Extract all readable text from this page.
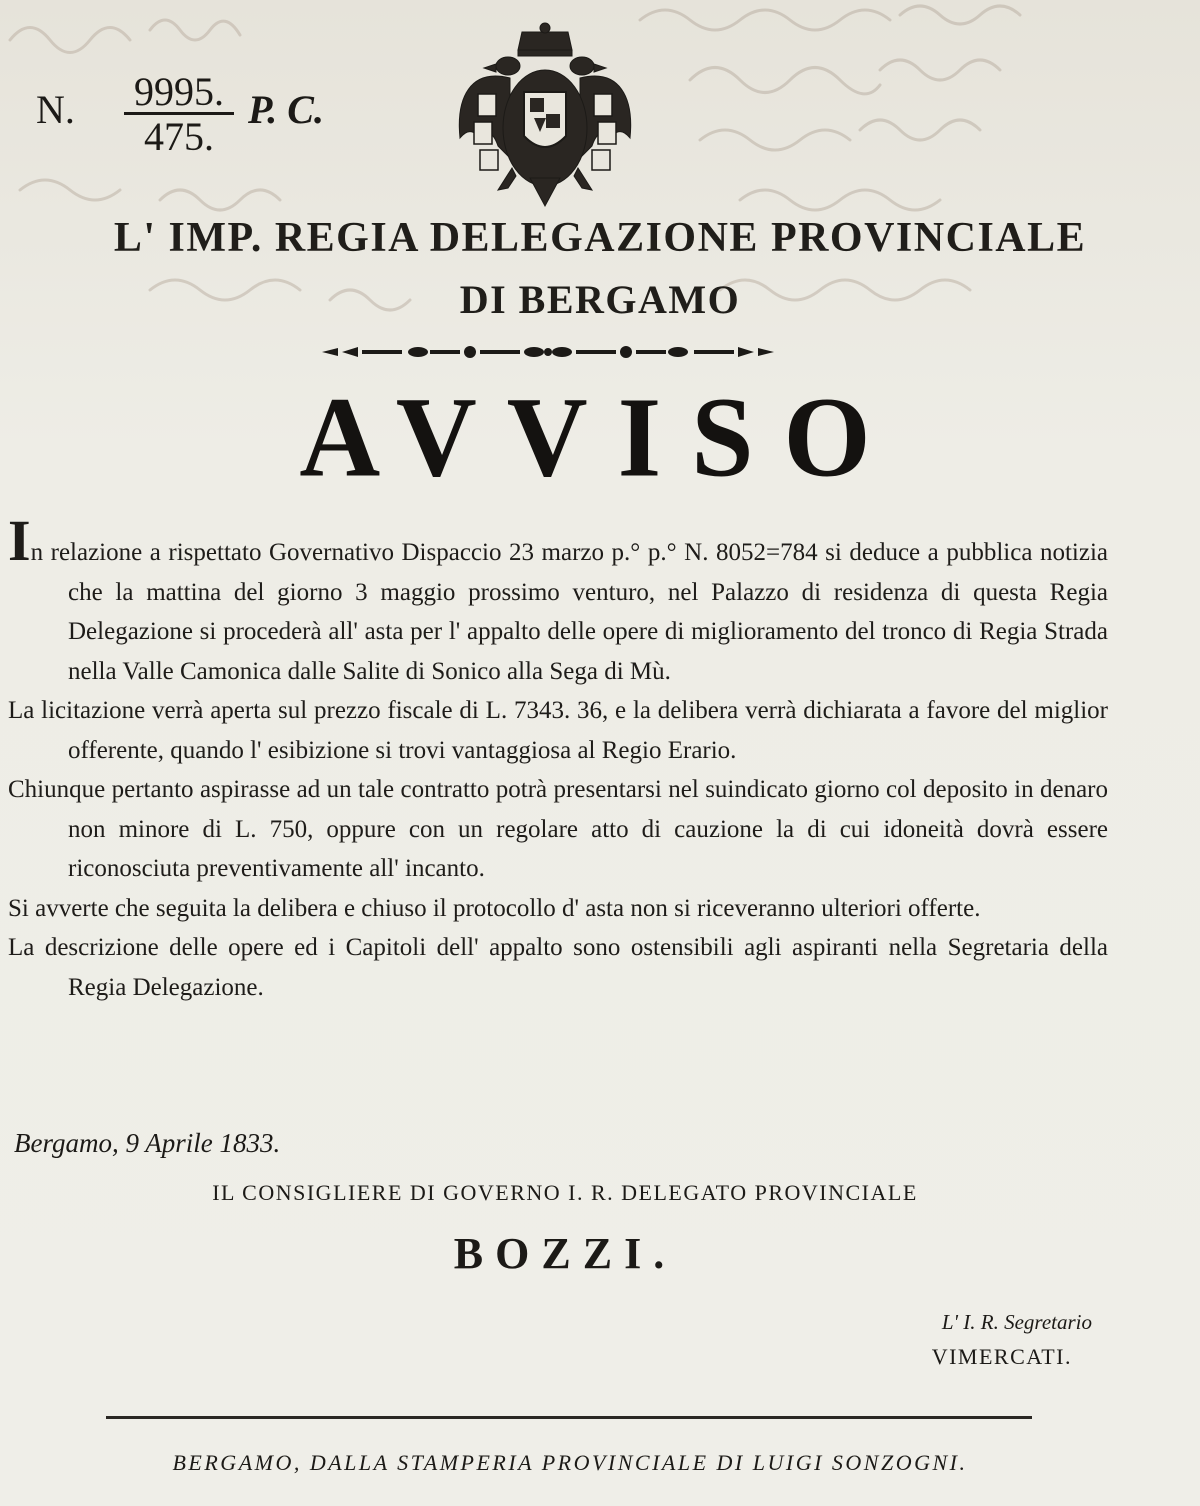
N. $\frac{9995.}{475.} P$. C.
L' IMP. REGIA DELEGAZIONE PROVINCIALE
DI BERGAMO
AVVISO

In relazione a rispettato Governativo Dispaccio 23 marzo p.° p.° N. 8052=784 si deduce a pubblica notizia che la mattina del giorno 3 maggio prossimo venturo, nel Palazzo di residenza di questa Regia Delegazione si procederà all' asta per l' appalto delle opere di miglioramento del tronco di Regia Strada nella Valle Camonica dalle Salite di Sonico alla Sega di Mù.

La licitazione verrà aperta sul prezzo fiscale di L. 7343. 36, e la delibera verrà dichiarata a favore del miglior offerente, quando l' esibizione si trovi vantaggiosa al Regio Erario.

Chiunque pertanto aspirasse ad un tale contratto potrà presentarsi nel suindicato giorno col deposito in denaro non minore di L. 750, oppure con un regolare atto di cauzione la di cui idoneità dovrà essere riconosciuta preventivamente all' incanto.

Si avverte che seguita la delibera e chiuso il protocollo d' asta non si riceveranno ulteriori offerte.

La descrizione delle opere ed i Capitoli dell' appalto sono ostensibili agli aspiranti nella Segretaria della Regia Delegazione.

Bergamo, 9 Aprile 1833.
IL CONSIGLIERE DI GOVERNO I. R. DELEGATO PROVINCIALE
BOZZI.
L' I. R. Segretario
VIMERCATI.
BERGAMO, DALLA STAMPERIA PROVINCIALE DI LUIGI SONZOGNI.
